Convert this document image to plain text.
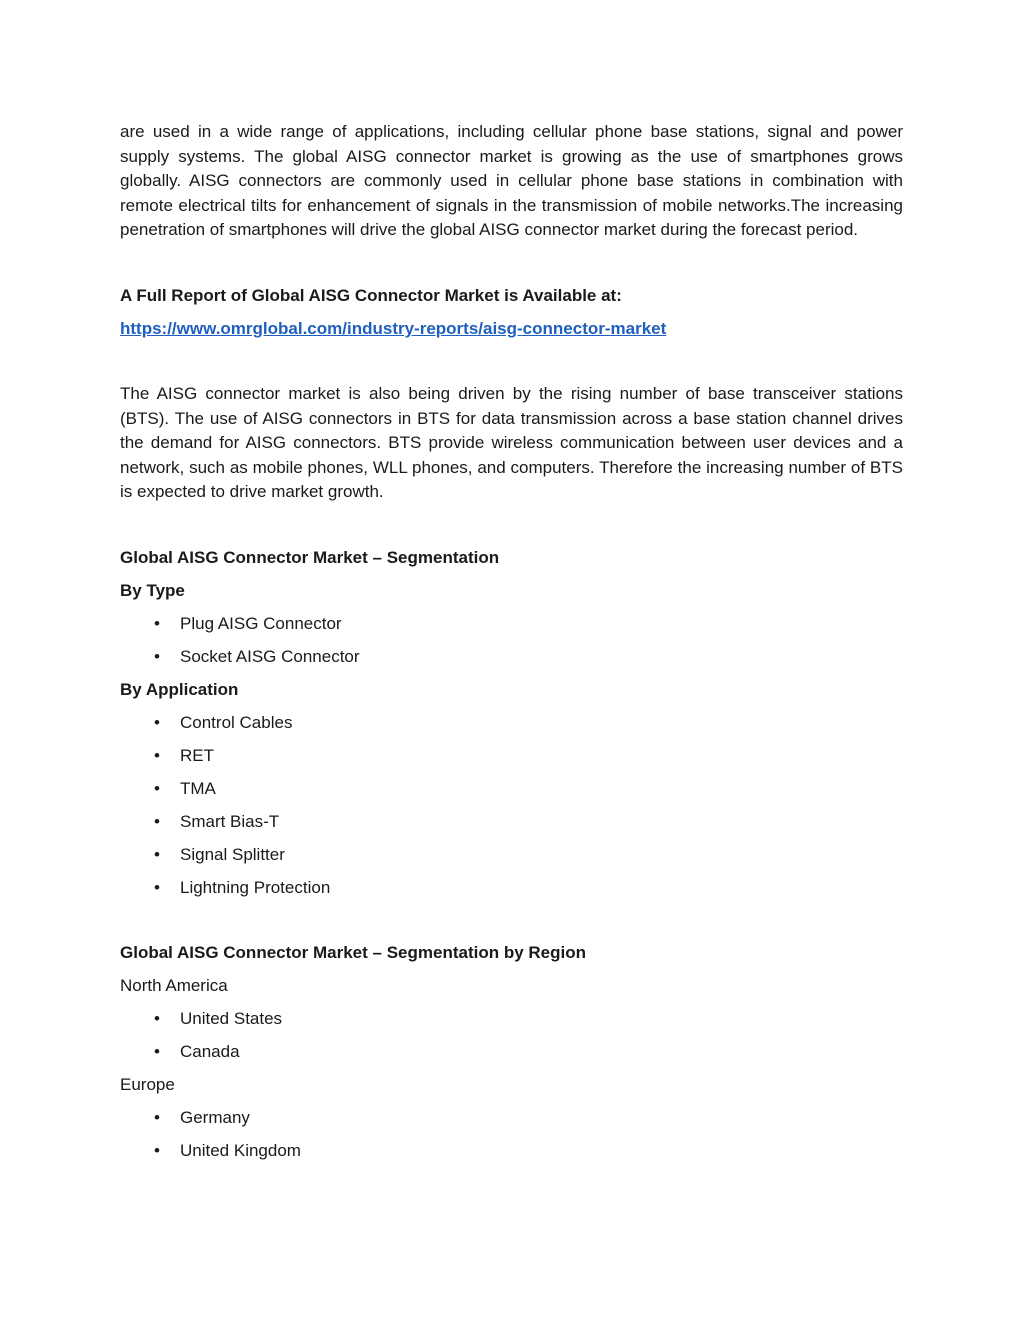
are used in a wide range of applications, including cellular phone base stations, signal and power supply systems. The global AISG connector market is growing as the use of smartphones grows globally. AISG connectors are commonly used in cellular phone base stations in combination with remote electrical tilts for enhancement of signals in the transmission of mobile networks.The increasing penetration of smartphones will drive the global AISG connector market during the forecast period.

A Full Report of Global AISG Connector Market is Available at:

https://www.omrglobal.com/industry-reports/aisg-connector-market

The AISG connector market is also being driven by the rising number of base transceiver stations (BTS). The use of AISG connectors in BTS for data transmission across a base station channel drives the demand for AISG connectors. BTS provide wireless communication between user devices and a network, such as mobile phones, WLL phones, and computers. Therefore the increasing number of BTS is expected to drive market growth.

Global AISG Connector Market – Segmentation

By Type

• Plug AISG Connector
• Socket AISG Connector

By Application

• Control Cables
• RET
• TMA
• Smart Bias-T
• Signal Splitter
• Lightning Protection

Global AISG Connector Market – Segmentation by Region

North America

• United States
• Canada

Europe

• Germany
• United Kingdom
